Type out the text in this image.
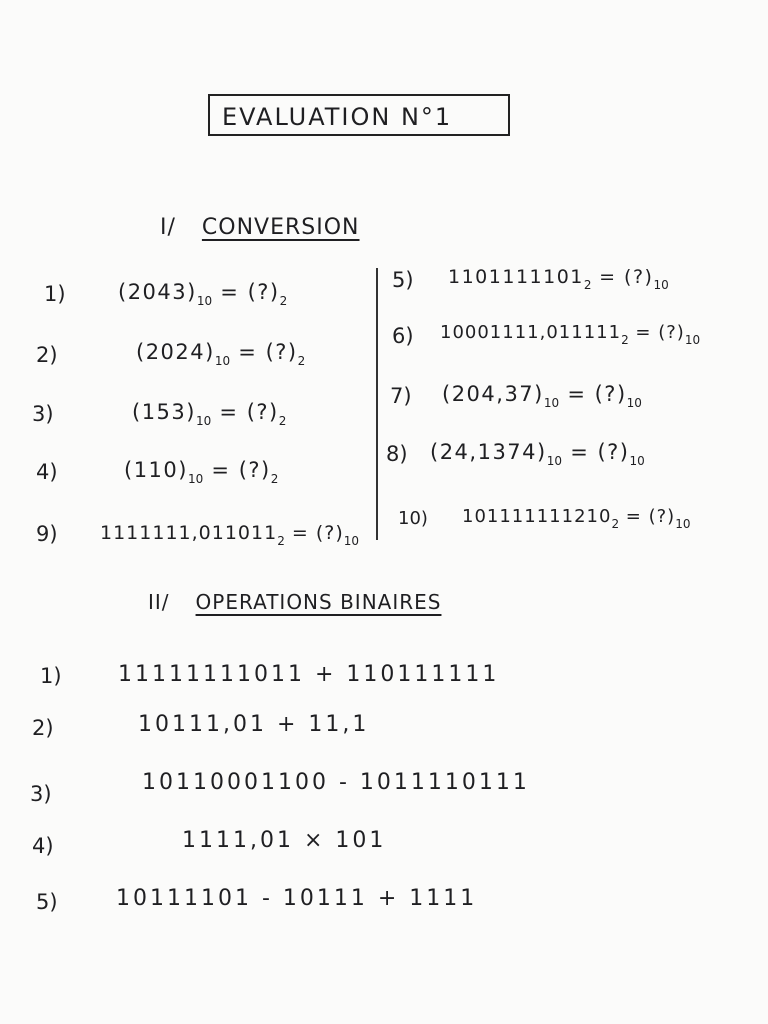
EVALUATION N°1
I/ CONVERSION
1) $(2043)_{10}$ = $(?)_2$
2)	$(2024)_{10}$ = $(?)_2$
3)	$(153)_{10}$ = $(?)_2$
4)	$(110)_{10}$ = $(?)_2$
9) $1111111,011011_2$ = $(?)_{10}$
5) $1101111101_2$ = $(?)_{10}$
6) $10001111,011111_2$ = $(?)_{10}$
7) $(204,37)_{10}$ = $(?)_{10}$
8) $(24,1374)_{10}$ = $(?)_{10}$
10) $101111111210_2$ = $(?)_{10}$
II/ OPERATIONS BINAIRES
1)	11111111011 + 110111111
2)	10111,01 + 11,1
3)	10110001100 - 1011110111
4)	1111,01 × 101
5)	10111101 - 10111 + 1111
